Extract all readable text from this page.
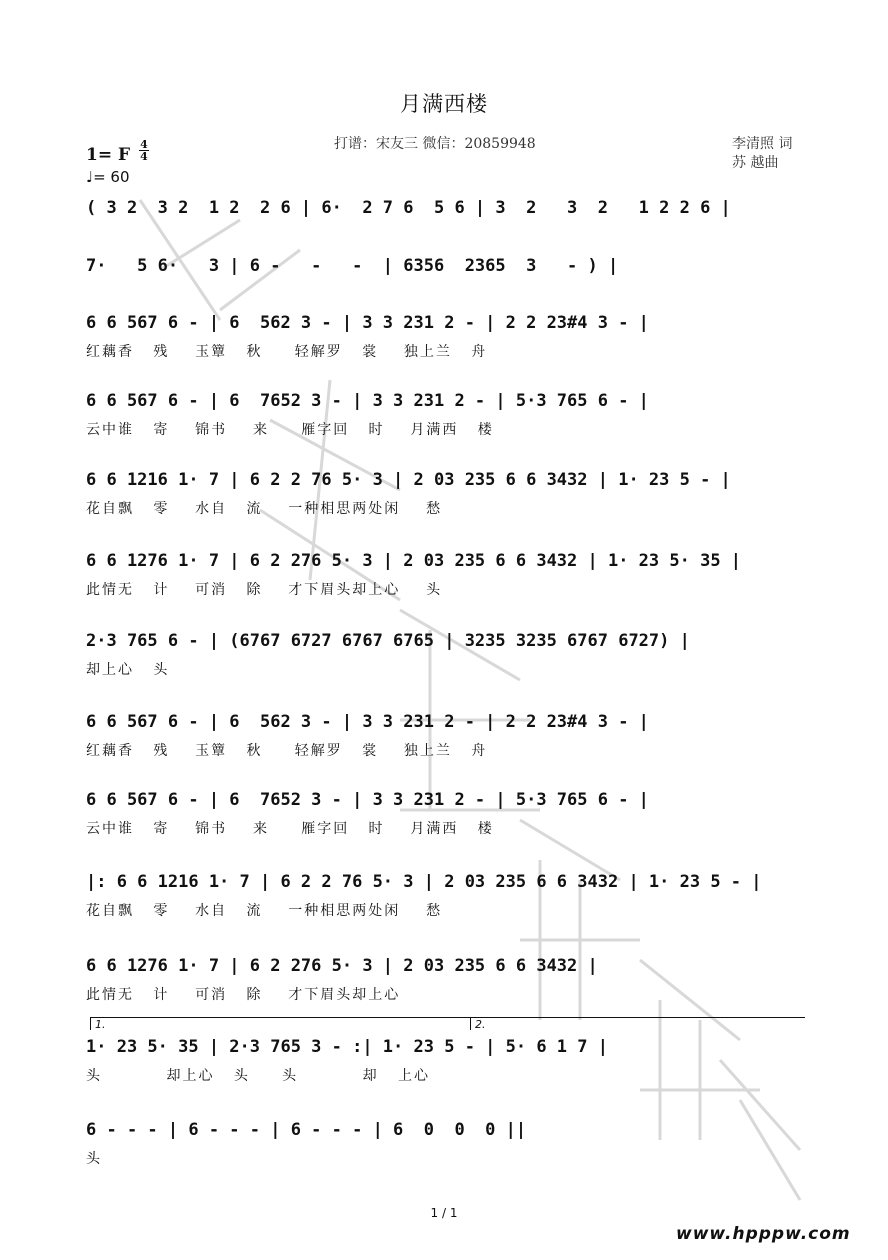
月满西楼
打谱：宋友三 微信：20859948	李清照 词
苏 越曲
1= F
4
4
♩= 60
( 3 2  3 2  1 2  2 6 | 6·  2 7 6  5 6 | 3  2   3  2   1 2 2 6 |
7·   5 6·   3 | 6 -   -   -  | 6356  2365  3   - ) |
6 6 567 6 - | 6  562 3 - | 3 3 231 2 - | 2 2 23#4 3 - |
红藕香   残    玉簟   秋     轻解罗   裳    独上兰   舟
6 6 567 6 - | 6  7652 3 - | 3 3 231 2 - | 5·3 765 6 - |
云中谁   寄    锦书    来     雁字回   时    月满西   楼
6 6 1216 1· 7 | 6 2 2 76 5· 3 | 2 03 235 6 6 3432 | 1· 23 5 - |
花自飘   零    水自   流    一种相思两处闲    愁
6 6 1276 1· 7 | 6 2 276 5· 3 | 2 03 235 6 6 3432 | 1· 23 5· 35 |
此情无   计    可消   除    才下眉头却上心    头
2·3 765 6 - | (6767 6727 6767 6765 | 3235 3235 6767 6727) |
却上心   头
6 6 567 6 - | 6  562 3 - | 3 3 231 2 - | 2 2 23#4 3 - |
红藕香   残    玉簟   秋     轻解罗   裳    独上兰   舟
6 6 567 6 - | 6  7652 3 - | 3 3 231 2 - | 5·3 765 6 - |
云中谁   寄    锦书    来     雁字回   时    月满西   楼
|: 6 6 1216 1· 7 | 6 2 2 76 5· 3 | 2 03 235 6 6 3432 | 1· 23 5 - |
花自飘   零    水自   流    一种相思两处闲    愁
6 6 1276 1· 7 | 6 2 276 5· 3 | 2 03 235 6 6 3432 |
此情无   计    可消   除    才下眉头却上心
1· 23 5· 35 | 2·3 765 3 - :| 1· 23 5 - | 5· 6 1 7 |
头          却上心   头     头          却   上心
6 - - - | 6 - - - | 6 - - - | 6  0  0  0 ||
头
1.	2.
1 / 1
www.hpppw.com
